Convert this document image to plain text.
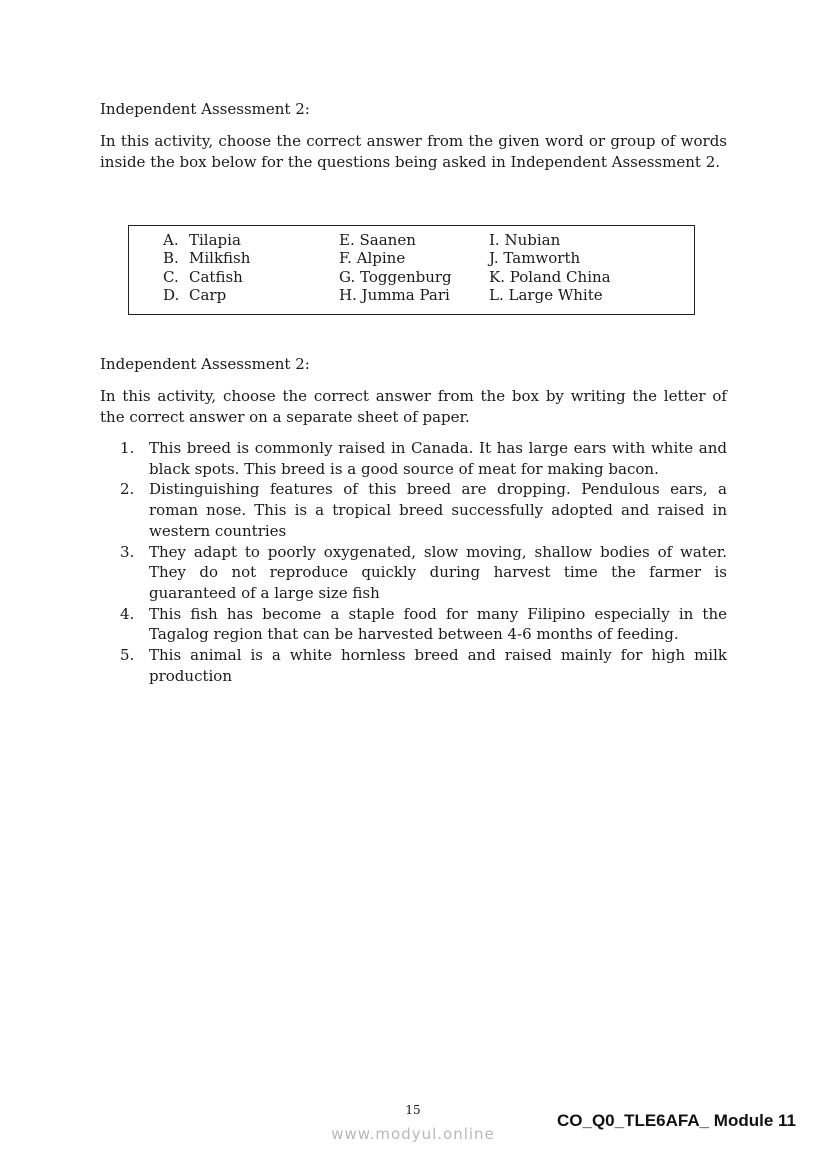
Independent Assessment 2:

In this activity, choose the correct answer from the given word or group of words inside the box below for the questions being asked in Independent Assessment 2.

A. Tilapia
B. Milkfish
C. Catfish
D. Carp
E. Saanen
F. Alpine
G. Toggenburg
H. Jumma Pari
I. Nubian
J. Tamworth
K. Poland China
L. Large White

Independent Assessment 2:

In this activity, choose the correct answer from the box by writing the letter of the correct answer on a separate sheet of paper.

1. This breed is commonly raised in Canada. It has large ears with white and black spots. This breed is a good source of meat for making bacon.
2. Distinguishing features of this breed are dropping. Pendulous ears, a roman nose. This is a tropical breed successfully adopted and raised in western countries
3. They adapt to poorly oxygenated, slow moving, shallow bodies of water. They do not reproduce quickly during harvest time the farmer is guaranteed of a large size fish
4. This fish has become a staple food for many Filipino especially in the Tagalog region that can be harvested between 4-6 months of feeding.
5. This animal is a white hornless breed and raised mainly for high milk production
15
CO_Q0_TLE6AFA_ Module 11
www.modyul.online
